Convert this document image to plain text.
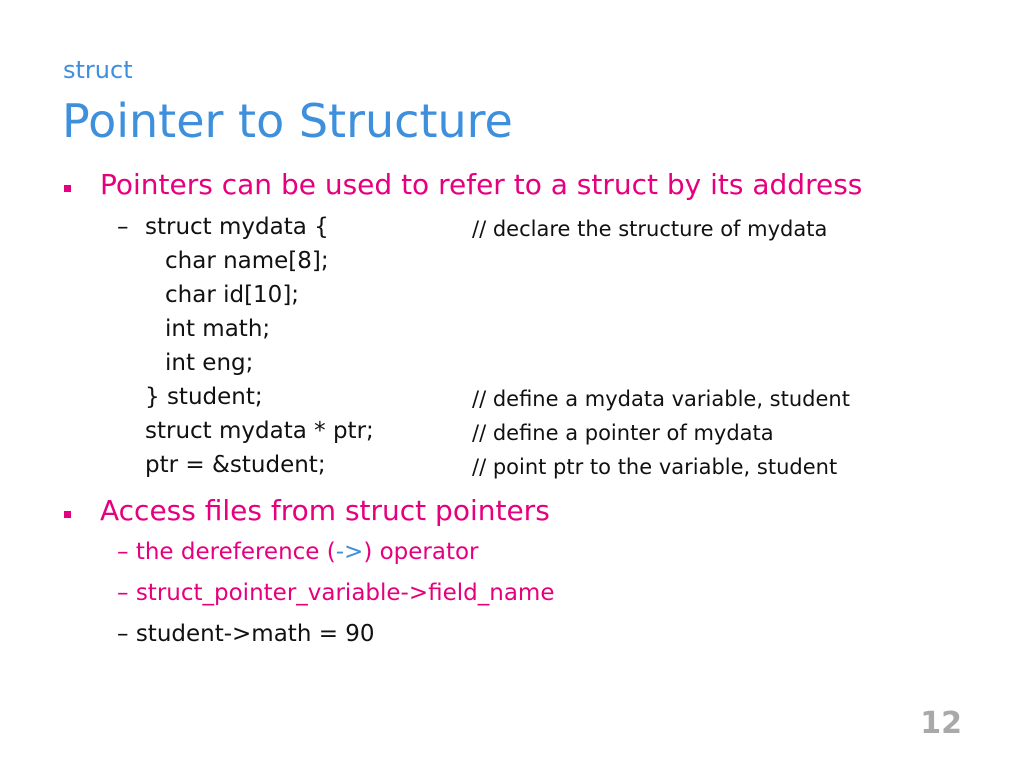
struct
Pointer to Structure
Pointers can be used to refer to a struct by its address
– struct mydata {	// declare the structure of mydata
char name[8];
char id[10];
int math;
int eng;
} student;	// define a mydata variable, student
struct mydata * ptr;	// define a pointer of mydata
ptr = &student;	// point ptr to the variable, student
Access files from struct pointers
– the dereference (->) operator
– struct_pointer_variable->field_name
– student->math = 90
12
